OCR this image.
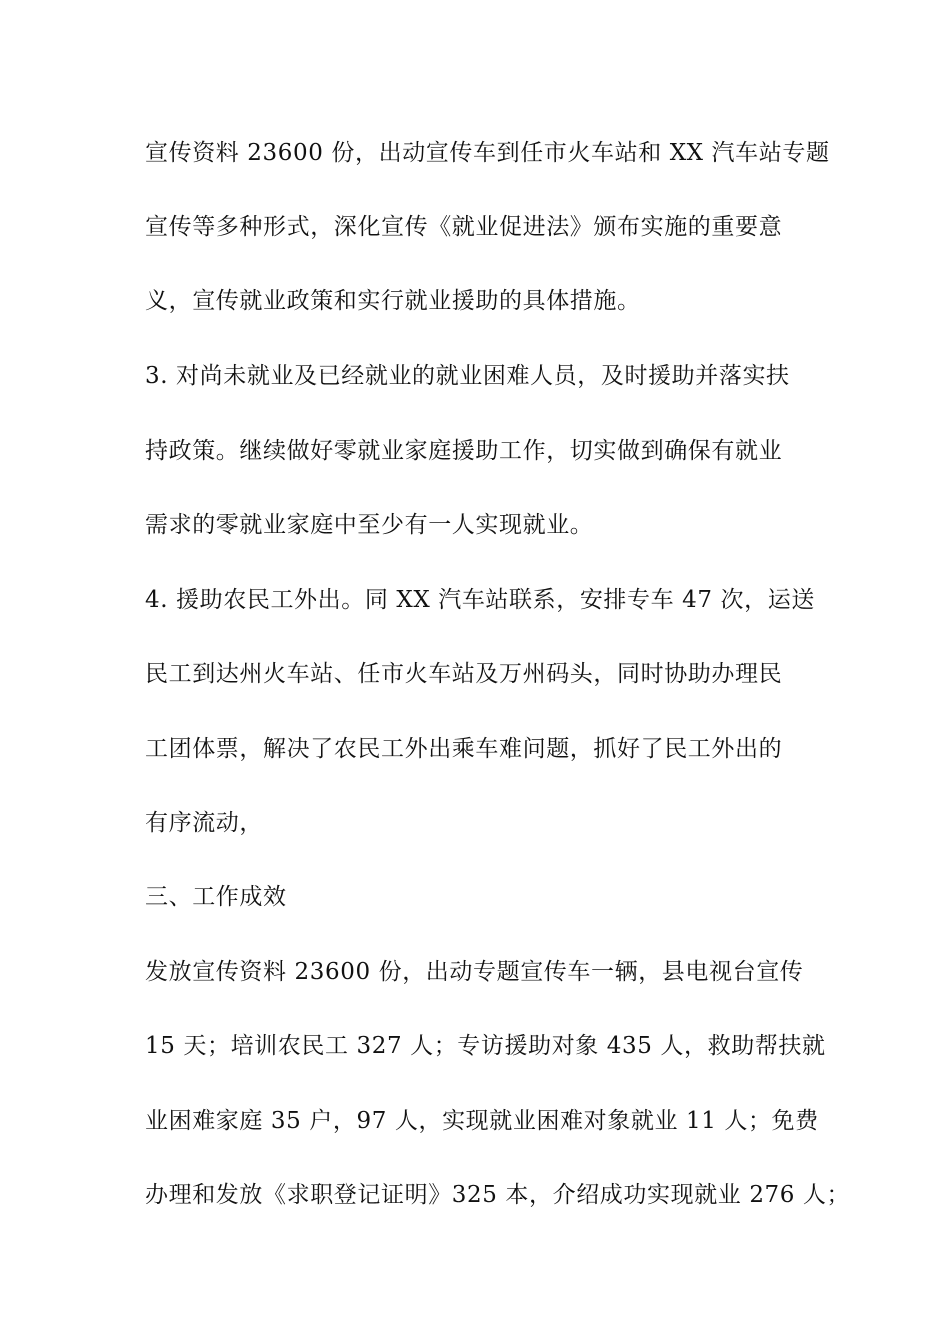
宣传资料 23600 份，出动宣传车到任市火车站和 XX 汽车站专题
宣传等多种形式，深化宣传《就业促进法》颁布实施的重要意
义，宣传就业政策和实行就业援助的具体措施。
3. 对尚未就业及已经就业的就业困难人员，及时援助并落实扶
持政策。继续做好零就业家庭援助工作，切实做到确保有就业
需求的零就业家庭中至少有一人实现就业。
4. 援助农民工外出。同 XX 汽车站联系，安排专车 47 次，运送
民工到达州火车站、任市火车站及万州码头，同时协助办理民
工团体票，解决了农民工外出乘车难问题，抓好了民工外出的
有序流动，
三、工作成效
发放宣传资料 23600 份，出动专题宣传车一辆，县电视台宣传
15 天；培训农民工 327 人；专访援助对象 435 人，救助帮扶就
业困难家庭 35 户，97 人，实现就业困难对象就业 11 人；免费
办理和发放《求职登记证明》325 本，介绍成功实现就业 276 人；
